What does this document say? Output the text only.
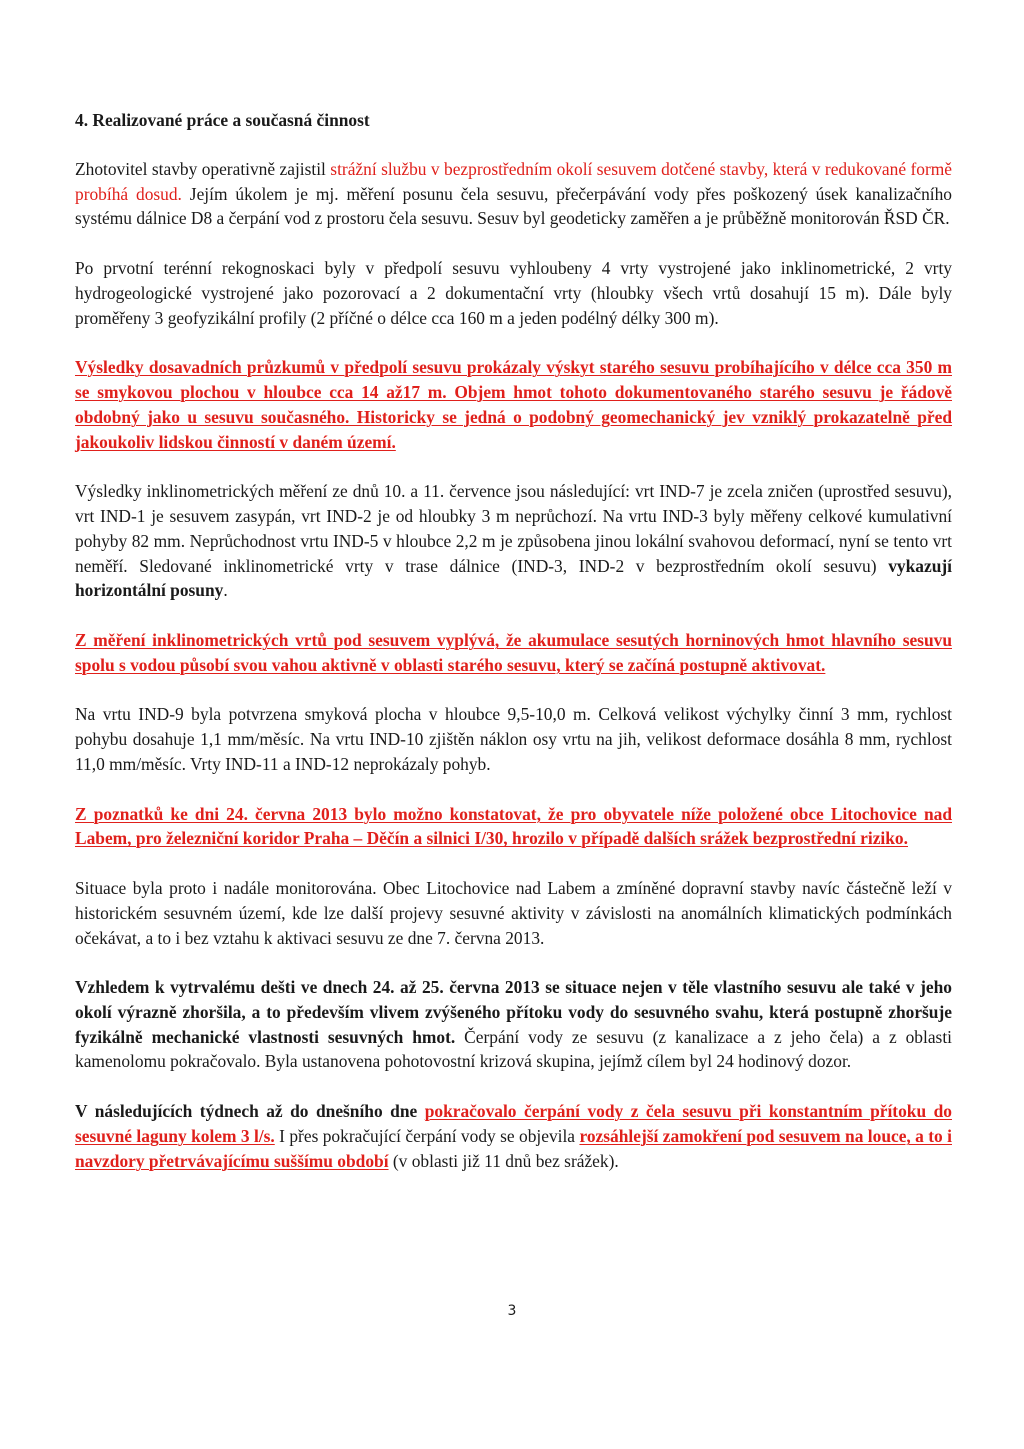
4. Realizované práce a současná činnost

Zhotovitel stavby operativně zajistil strážní službu v bezprostředním okolí sesuvem dotčené stavby, která v redukované formě probíhá dosud. Jejím úkolem je mj. měření posunu čela sesuvu, přečerpávání vody přes poškozený úsek kanalizačního systému dálnice D8 a čerpání vod z prostoru čela sesuvu. Sesuv byl geodeticky zaměřen a je průběžně monitorován ŘSD ČR.

Po prvotní terénní rekognoskaci byly v předpolí sesuvu vyhloubeny 4 vrty vystrojené jako inklinometrické, 2 vrty hydrogeologické vystrojené jako pozorovací a 2 dokumentační vrty (hloubky všech vrtů dosahují 15 m). Dále byly proměřeny 3 geofyzikální profily (2 příčné o délce cca 160 m a jeden podélný délky 300 m).

Výsledky dosavadních průzkumů v předpolí sesuvu prokázaly výskyt starého sesuvu probíhajícího v délce cca 350 m se smykovou plochou v hloubce cca 14 až17 m. Objem hmot tohoto dokumentovaného starého sesuvu je řádově obdobný jako u sesuvu současného. Historicky se jedná o podobný geomechanický jev vzniklý prokazatelně před jakoukoliv lidskou činností v daném území.

Výsledky inklinometrických měření ze dnů 10. a 11. července jsou následující: vrt IND-7 je zcela zničen (uprostřed sesuvu), vrt IND-1 je sesuvem zasypán, vrt IND-2 je od hloubky 3 m neprůchozí. Na vrtu IND-3 byly měřeny celkové kumulativní pohyby 82 mm. Neprůchodnost vrtu IND-5 v hloubce 2,2 m je způsobena jinou lokální svahovou deformací, nyní se tento vrt neměří. Sledované inklinometrické vrty v trase dálnice (IND-3, IND-2 v bezprostředním okolí sesuvu) vykazují horizontální posuny.

Z měření inklinometrických vrtů pod sesuvem vyplývá, že akumulace sesutých horninových hmot hlavního sesuvu spolu s vodou působí svou vahou aktivně v oblasti starého sesuvu, který se začíná postupně aktivovat.

Na vrtu IND-9 byla potvrzena smyková plocha v hloubce 9,5-10,0 m. Celková velikost výchylky činní 3 mm, rychlost pohybu dosahuje 1,1 mm/měsíc. Na vrtu IND-10 zjištěn náklon osy vrtu na jih, velikost deformace dosáhla 8 mm, rychlost 11,0 mm/měsíc. Vrty IND-11 a IND-12 neprokázaly pohyb.

Z poznatků ke dni 24. června 2013 bylo možno konstatovat, že pro obyvatele níže položené obce Litochovice nad Labem, pro železniční koridor Praha – Děčín a silnici I/30, hrozilo v případě dalších srážek bezprostřední riziko.

Situace byla proto i nadále monitorována. Obec Litochovice nad Labem a zmíněné dopravní stavby navíc částečně leží v historickém sesuvném území, kde lze další projevy sesuvné aktivity v závislosti na anomálních klimatických podmínkách očekávat, a to i bez vztahu k aktivaci sesuvu ze dne 7. června 2013.

Vzhledem k vytrvalému dešti ve dnech 24. až 25. června 2013 se situace nejen v těle vlastního sesuvu ale také v jeho okolí výrazně zhoršila, a to především vlivem zvýšeného přítoku vody do sesuvného svahu, která postupně zhoršuje fyzikálně mechanické vlastnosti sesuvných hmot. Čerpání vody ze sesuvu (z kanalizace a z jeho čela) a z oblasti kamenolomu pokračovalo. Byla ustanovena pohotovostní krizová skupina, jejímž cílem byl 24 hodinový dozor.

V následujících týdnech až do dnešního dne pokračovalo čerpání vody z čela sesuvu při konstantním přítoku do sesuvné laguny kolem 3 l/s. I přes pokračující čerpání vody se objevila rozsáhlejší zamokření pod sesuvem na louce, a to i navzdory přetrvávajícímu suššímu období (v oblasti již 11 dnů bez srážek).

3
